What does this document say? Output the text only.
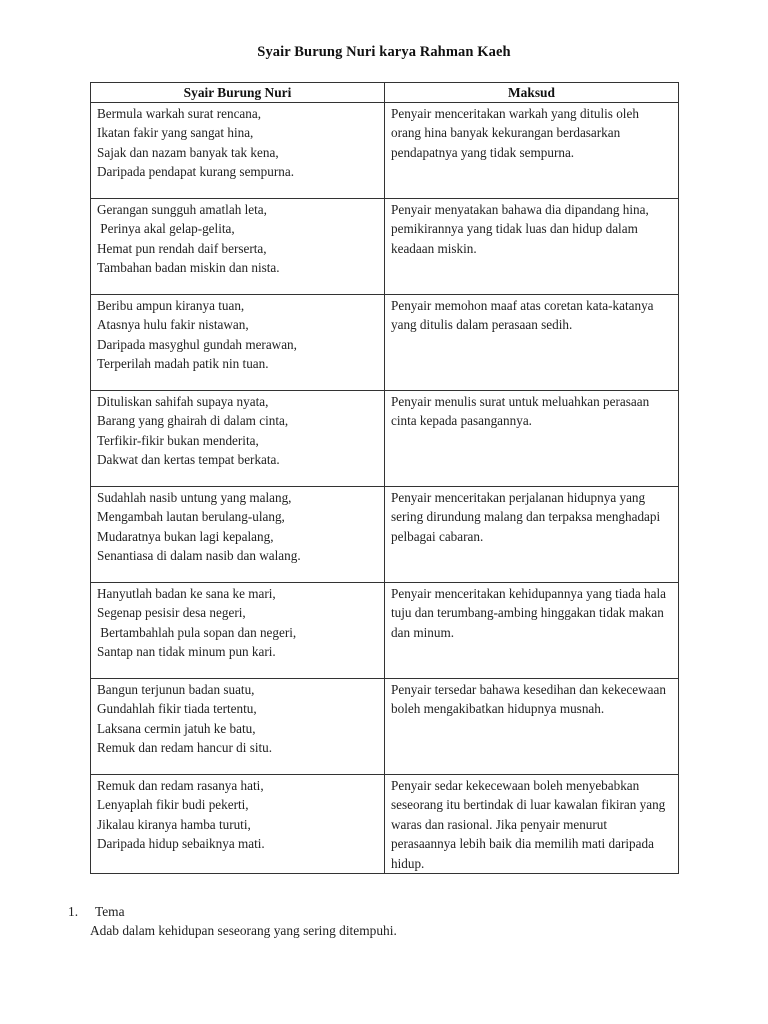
Syair Burung Nuri karya Rahman Kaeh
Syair Burung Nuri	Maksud

Bermula warkah surat rencana,
Ikatan fakir yang sangat hina,
Sajak dan nazam banyak tak kena,
Daripada pendapat kurang sempurna.	Penyair menceritakan warkah yang ditulis oleh orang hina banyak kekurangan berdasarkan pendapatnya yang tidak sempurna.

Gerangan sungguh amatlah leta,
Perinya akal gelap-gelita,
Hemat pun rendah daif berserta,
Tambahan badan miskin dan nista.	Penyair menyatakan bahawa dia dipandang hina, pemikirannya yang tidak luas dan hidup dalam keadaan miskin.

Beribu ampun kiranya tuan,
Atasnya hulu fakir nistawan,
Daripada masyghul gundah merawan,
Terperilah madah patik nin tuan.	Penyair memohon maaf atas coretan kata-katanya yang ditulis dalam perasaan sedih.

Dituliskan sahifah supaya nyata,
Barang yang ghairah di dalam cinta,
Terfikir-fikir bukan menderita,
Dakwat dan kertas tempat berkata.	Penyair menulis surat untuk meluahkan perasaan cinta kepada pasangannya.

Sudahlah nasib untung yang malang,
Mengambah lautan berulang-ulang,
Mudaratnya bukan lagi kepalang,
Senantiasa di dalam nasib dan walang.	Penyair menceritakan perjalanan hidupnya yang sering dirundung malang dan terpaksa menghadapi pelbagai cabaran.

Hanyutlah badan ke sana ke mari,
Segenap pesisir desa negeri,
Bertambahlah pula sopan dan negeri,
Santap nan tidak minum pun kari.	Penyair menceritakan kehidupannya yang tiada hala tuju dan terumbang-ambing hinggakan tidak makan dan minum.

Bangun terjunun badan suatu,
Gundahlah fikir tiada tertentu,
Laksana cermin jatuh ke batu,
Remuk dan redam hancur di situ.	Penyair tersedar bahawa kesedihan dan kekecewaan boleh mengakibatkan hidupnya musnah.

Remuk dan redam rasanya hati,
Lenyaplah fikir budi pekerti,
Jikalau kiranya hamba turuti,
Daripada hidup sebaiknya mati.	Penyair sedar kekecewaan boleh menyebabkan seseorang itu bertindak di luar kawalan fikiran yang waras dan rasional. Jika penyair menurut perasaannya lebih baik dia memilih mati daripada hidup.
1. Tema
Adab dalam kehidupan seseorang yang sering ditempuhi.
